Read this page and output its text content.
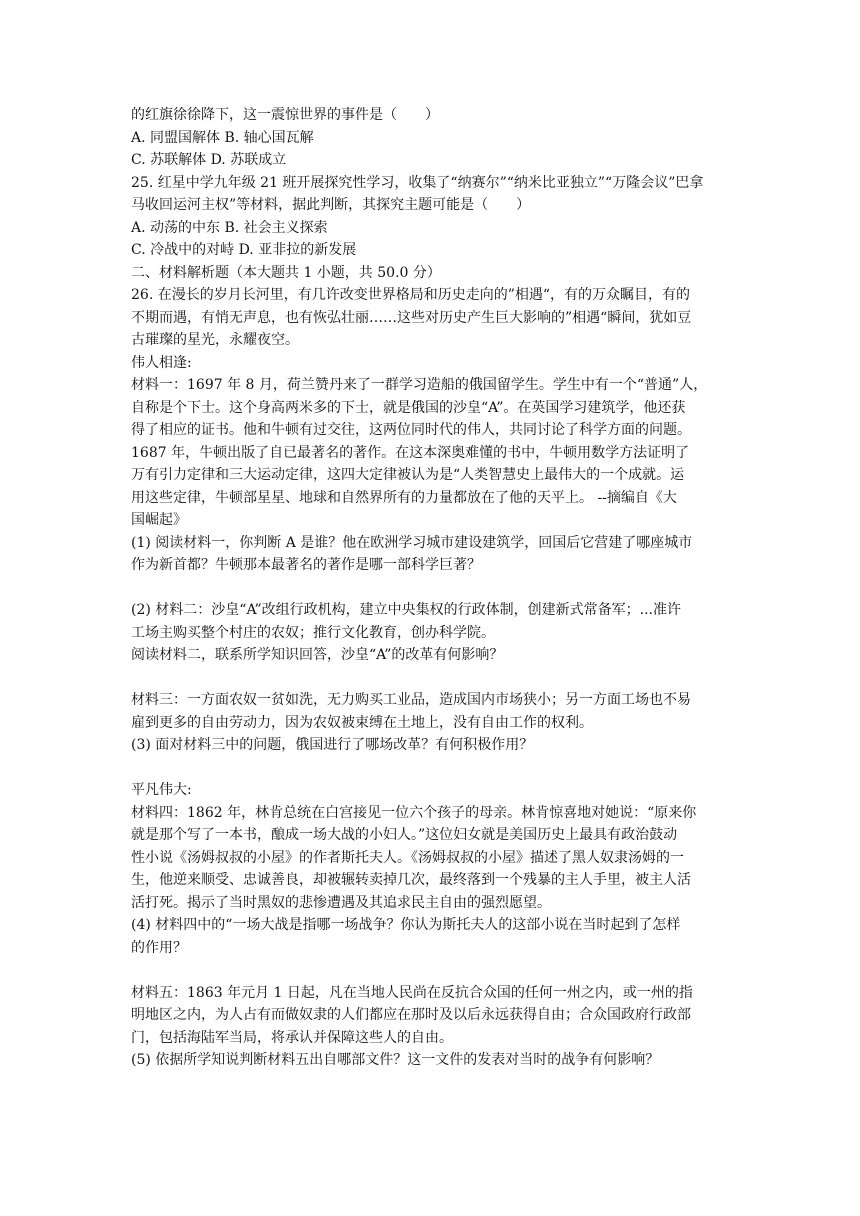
的红旗徐徐降下，这一震惊世界的事件是（　　）
A. 同盟国解体 B. 轴心国瓦解
C. 苏联解体 D. 苏联成立
25. 红星中学九年级 21 班开展探究性学习，收集了“纳赛尔”“纳米比亚独立”“万隆会议”巴拿
马收回运河主权”等材料，据此判断，其探究主题可能是（　　）
A. 动荡的中东 B. 社会主义探索
C. 冷战中的对峙 D. 亚非拉的新发展
二、材料解析题（本大题共 1 小题，共 50.0 分）
26. 在漫长的岁月长河里，有几许改变世界格局和历史走向的”相遇“，有的万众瞩目，有的
不期而遇，有悄无声息，也有恢弘壮丽……这些对历史产生巨大影响的”相遇“瞬间，犹如豆
古璀璨的星光，永耀夜空。
伟人相逢:
材料一：1697 年 8 月，荷兰赞丹来了一群学习造船的俄国留学生。学生中有一个“普通”人，
自称是个下士。这个身高两米多的下士，就是俄国的沙皇“A”。在英国学习建筑学，他还获
得了相应的证书。他和牛顿有过交往，这两位同时代的伟人，共同讨论了科学方面的问题。
1687 年，牛顿出版了自已最著名的著作。在这本深奥难懂的书中，牛顿用数学方法证明了
万有引力定律和三大运动定律，这四大定律被认为是“人类智慧史上最伟大的一个成就。运
用这些定律，牛顿部星星、地球和自然界所有的力量都放在了他的天平上。 --摘编自《大
国崛起》
(1) 阅读材料一，你判断 A 是谁？他在欧洲学习城市建设建筑学，回国后它营建了哪座城市
作为新首都？牛顿那本最著名的著作是哪一部科学巨著？
(2) 材料二：沙皇“A”改组行政机构，建立中央集权的行政体制，创建新式常备军；...准许
工场主购买整个村庄的农奴；推行文化教育，创办科学院。
阅读材料二，联系所学知识回答，沙皇“A”的改革有何影响？
材料三：一方面农奴一贫如洗，无力购买工业品，造成国内市场狭小；另一方面工场也不易
雇到更多的自由劳动力，因为农奴被束缚在土地上，没有自由工作的权利。
(3) 面对材料三中的问题，俄国进行了哪场改革？有何积极作用？
平凡伟大:
材料四：1862 年，林肯总统在白宫接见一位六个孩子的母亲。林肯惊喜地对她说：“原来你
就是那个写了一本书，酿成一场大战的小妇人。”这位妇女就是美国历史上最具有政治鼓动
性小说《汤姆叔叔的小屋》的作者斯托夫人。《汤姆叔叔的小屋》描述了黑人奴隶汤姆的一
生，他逆来顺受、忠诚善良，却被辗转卖掉几次，最终落到一个残暴的主人手里，被主人活
活打死。揭示了当时黑奴的悲惨遭遇及其追求民主自由的强烈愿望。
(4) 材料四中的“一场大战是指哪一场战争？你认为斯托夫人的这部小说在当时起到了怎样
的作用？
材料五：1863 年元月 1 日起，凡在当地人民尚在反抗合众国的任何一州之内，或一州的指
明地区之内，为人占有而做奴隶的人们都应在那时及以后永远获得自由；合众国政府行政部
门，包括海陆军当局，将承认并保障这些人的自由。
(5) 依据所学知说判断材料五出自哪部文件？这一文件的发表对当时的战争有何影响？
